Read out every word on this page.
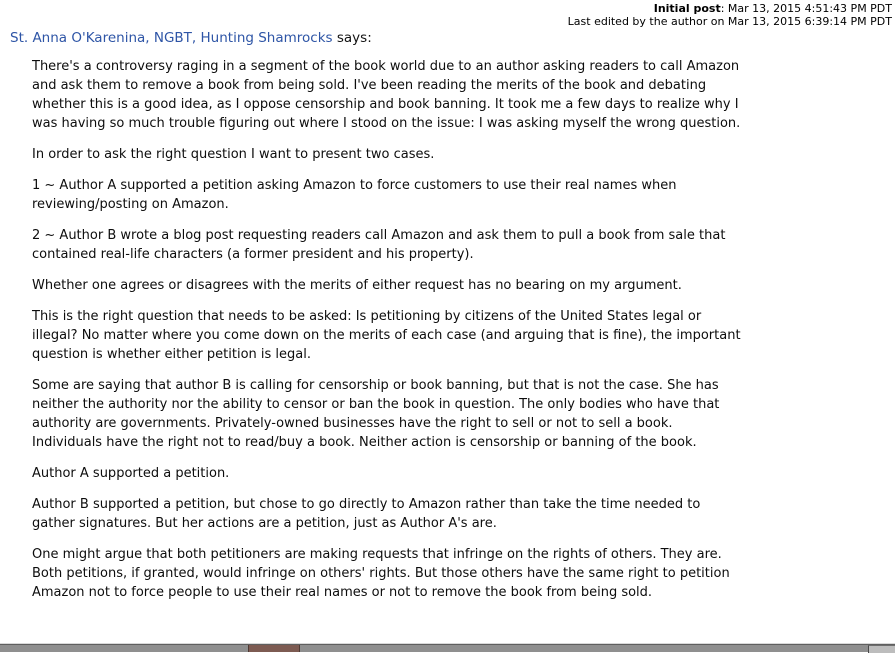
Initial post: Mar 13, 2015 4:51:43 PM PDT
Last edited by the author on Mar 13, 2015 6:39:14 PM PDT
St. Anna O'Karenina, NGBT, Hunting Shamrocks says:

There's a controversy raging in a segment of the book world due to an author asking readers to call Amazon and ask them to remove a book from being sold. I've been reading the merits of the book and debating whether this is a good idea, as I oppose censorship and book banning. It took me a few days to realize why I was having so much trouble figuring out where I stood on the issue: I was asking myself the wrong question.

In order to ask the right question I want to present two cases.

1 ~ Author A supported a petition asking Amazon to force customers to use their real names when reviewing/posting on Amazon.

2 ~ Author B wrote a blog post requesting readers call Amazon and ask them to pull a book from sale that contained real-life characters (a former president and his property).

Whether one agrees or disagrees with the merits of either request has no bearing on my argument.

This is the right question that needs to be asked: Is petitioning by citizens of the United States legal or illegal? No matter where you come down on the merits of each case (and arguing that is fine), the important question is whether either petition is legal.

Some are saying that author B is calling for censorship or book banning, but that is not the case. She has neither the authority nor the ability to censor or ban the book in question. The only bodies who have that authority are governments. Privately-owned businesses have the right to sell or not to sell a book. Individuals have the right not to read/buy a book. Neither action is censorship or banning of the book.

Author A supported a petition.

Author B supported a petition, but chose to go directly to Amazon rather than take the time needed to gather signatures. But her actions are a petition, just as Author A's are.

One might argue that both petitioners are making requests that infringe on the rights of others. They are. Both petitions, if granted, would infringe on others' rights. But those others have the same right to petition Amazon not to force people to use their real names or not to remove the book from being sold.
